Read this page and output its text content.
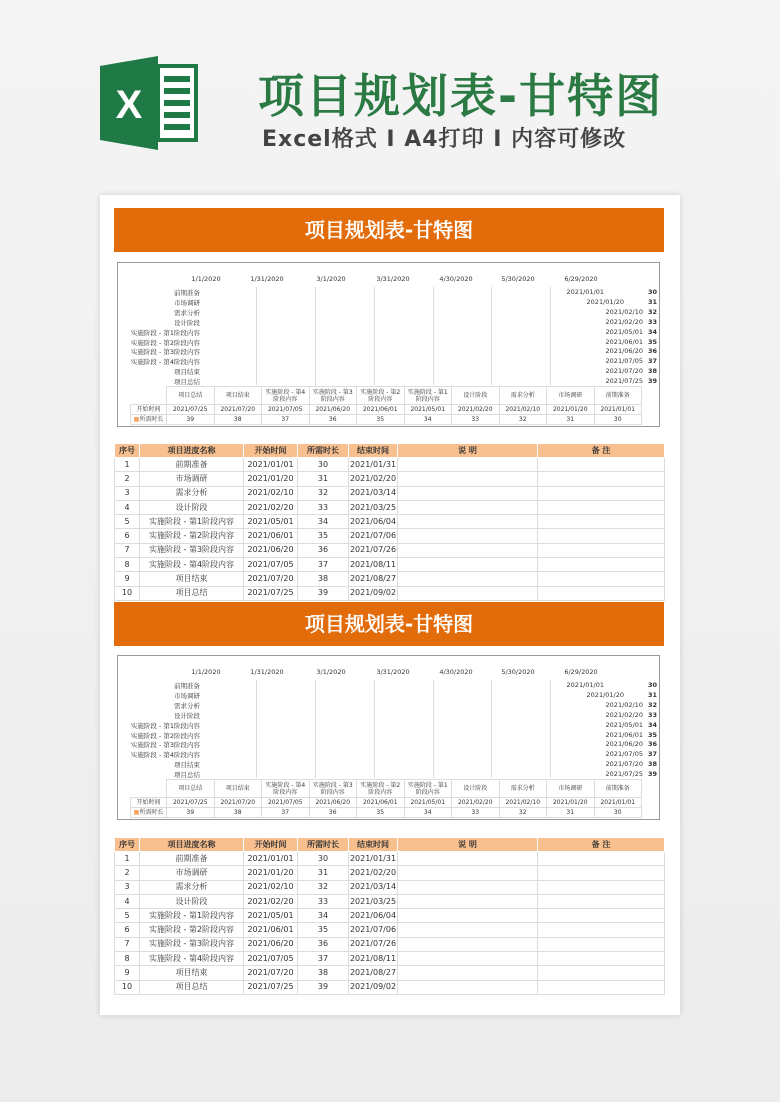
X	项目规划表-甘特图
Excel格式 I A4打印 I 内容可修改
项目规划表-甘特图
1/1/2020	1/31/2020	3/1/2020	3/31/2020	4/30/2020	5/30/2020	6/29/2020
前期准备	2021/01/01	30
市场调研	2021/01/20	31
需求分析	2021/02/10 32
设计阶段	2021/02/20 33
实施阶段 - 第1阶段内容	2021/05/01 34
实施阶段 - 第2阶段内容	2021/06/01 35
实施阶段 - 第3阶段内容	2021/06/20 36
实施阶段 - 第4阶段内容	2021/07/05 37
项目结束	2021/07/20 38
项目总结	2021/07/25 39
	项目总结	项目结束	实施阶段 - 第4阶段内容	实施阶段 - 第3阶段内容	实施阶段 - 第2阶段内容	实施阶段 - 第1阶段内容	设计阶段	需求分析	市场调研	前期准备
开始时间	2021/07/25	2021/07/20	2021/07/05	2021/06/20	2021/06/01	2021/05/01	2021/02/20	2021/02/10	2021/01/20	2021/01/01
■所需时长	39	38	37	36	35	34	33	32	31	30
序号	项目进度名称	开始时间	所需时长	结束时间	说 明	备 注
1	前期准备	2021/01/01	30	2021/01/31		
2	市场调研	2021/01/20	31	2021/02/20		
3	需求分析	2021/02/10	32	2021/03/14		
4	设计阶段	2021/02/20	33	2021/03/25		
5	实施阶段 - 第1阶段内容	2021/05/01	34	2021/06/04		
6	实施阶段 - 第2阶段内容	2021/06/01	35	2021/07/06		
7	实施阶段 - 第3阶段内容	2021/06/20	36	2021/07/26		
8	实施阶段 - 第4阶段内容	2021/07/05	37	2021/08/11		
9	项目结束	2021/07/20	38	2021/08/27		
10	项目总结	2021/07/25	39	2021/09/02		
项目规划表-甘特图
1/1/2020	1/31/2020	3/1/2020	3/31/2020	4/30/2020	5/30/2020	6/29/2020
前期准备	2021/01/01	30
市场调研	2021/01/20	31
需求分析	2021/02/10 32
设计阶段	2021/02/20 33
实施阶段 - 第1阶段内容	2021/05/01 34
实施阶段 - 第2阶段内容	2021/06/01 35
实施阶段 - 第3阶段内容	2021/06/20 36
实施阶段 - 第4阶段内容	2021/07/05 37
项目结束	2021/07/20 38
项目总结	2021/07/25 39
	项目总结	项目结束	实施阶段 - 第4阶段内容	实施阶段 - 第3阶段内容	实施阶段 - 第2阶段内容	实施阶段 - 第1阶段内容	设计阶段	需求分析	市场调研	前期准备
开始时间	2021/07/25	2021/07/20	2021/07/05	2021/06/20	2021/06/01	2021/05/01	2021/02/20	2021/02/10	2021/01/20	2021/01/01
■所需时长	39	38	37	36	35	34	33	32	31	30
序号	项目进度名称	开始时间	所需时长	结束时间	说 明	备 注
1	前期准备	2021/01/01	30	2021/01/31		
2	市场调研	2021/01/20	31	2021/02/20		
3	需求分析	2021/02/10	32	2021/03/14		
4	设计阶段	2021/02/20	33	2021/03/25		
5	实施阶段 - 第1阶段内容	2021/05/01	34	2021/06/04		
6	实施阶段 - 第2阶段内容	2021/06/01	35	2021/07/06		
7	实施阶段 - 第3阶段内容	2021/06/20	36	2021/07/26		
8	实施阶段 - 第4阶段内容	2021/07/05	37	2021/08/11		
9	项目结束	2021/07/20	38	2021/08/27		
10	项目总结	2021/07/25	39	2021/09/02		
